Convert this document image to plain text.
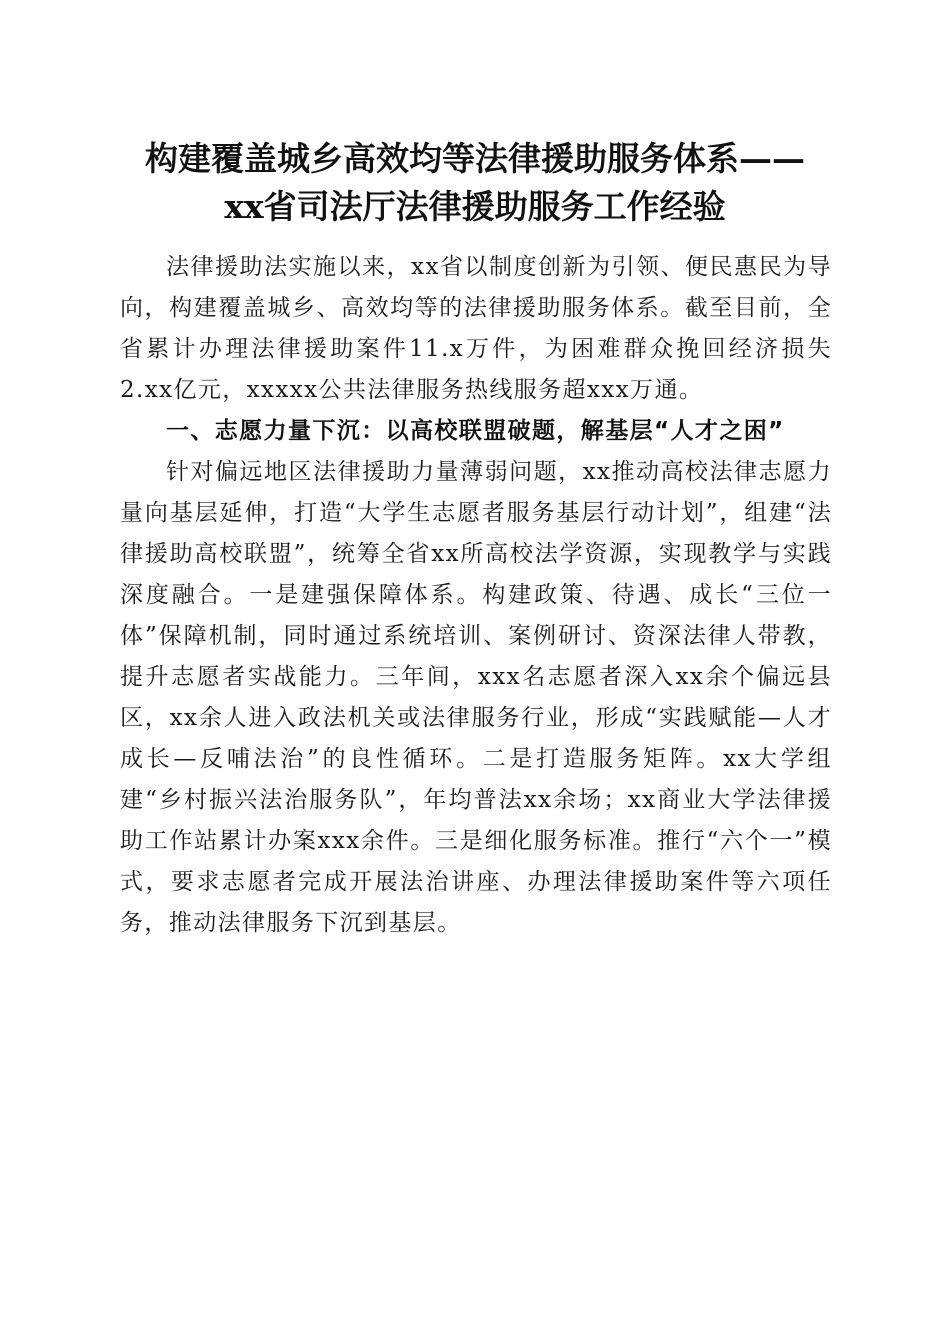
构建覆盖城乡高效均等法律援助服务体系——
xx省司法厅法律援助服务工作经验

法律援助法实施以来，xx省以制度创新为引领、便民惠民为导向，构建覆盖城乡、高效均等的法律援助服务体系。截至目前，全省累计办理法律援助案件11.x万件，为困难群众挽回经济损失2.xx亿元，xxxxx公共法律服务热线服务超xxx万通。

一、志愿力量下沉：以高校联盟破题，解基层“人才之困”

针对偏远地区法律援助力量薄弱问题，xx推动高校法律志愿力量向基层延伸，打造“大学生志愿者服务基层行动计划”，组建“法律援助高校联盟”，统筹全省xx所高校法学资源，实现教学与实践深度融合。一是建强保障体系。构建政策、待遇、成长“三位一体”保障机制，同时通过系统培训、案例研讨、资深法律人带教，提升志愿者实战能力。三年间，xxx名志愿者深入xx余个偏远县区，xx余人进入政法机关或法律服务行业，形成“实践赋能—人才成长—反哺法治”的良性循环。二是打造服务矩阵。xx大学组建“乡村振兴法治服务队”，年均普法xx余场；xx商业大学法律援助工作站累计办案xxx余件。三是细化服务标准。推行“六个一”模式，要求志愿者完成开展法治讲座、办理法律援助案件等六项任务，推动法律服务下沉到基层。
